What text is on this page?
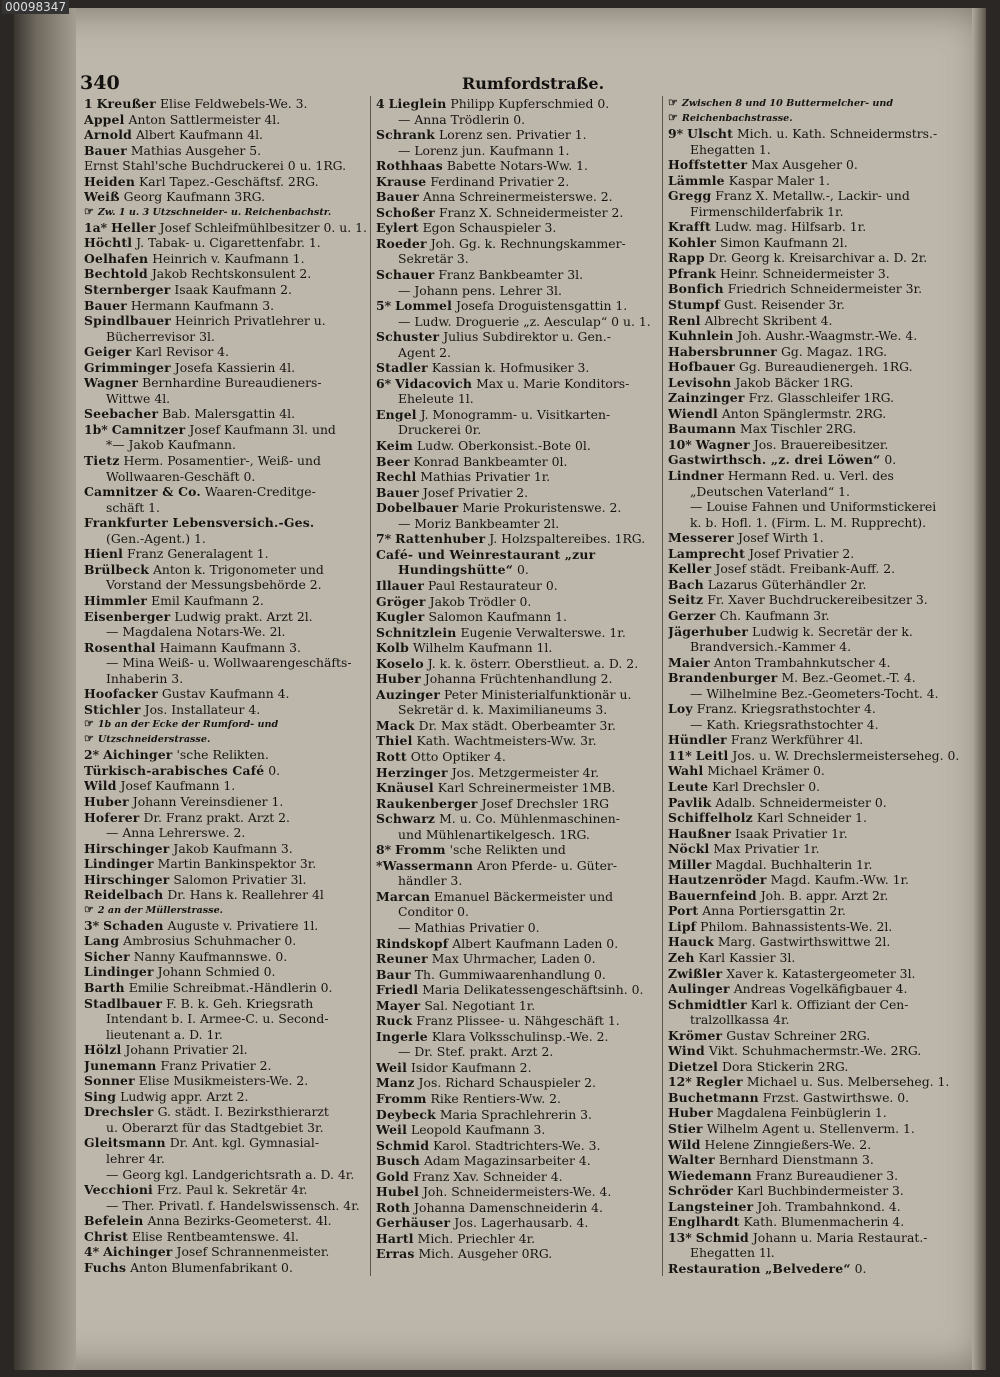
00098347
340	Rumfordstraße.
1 Kreußer Elise Feldwebels-We. 3.
Appel Anton Sattlermeister 4l.
Arnold Albert Kaufmann 4l.
Bauer Mathias Ausgeher 5.
Ernst Stahl'sche Buchdruckerei 0 u. 1RG.
Heiden Karl Tapez.-Geschäftsf. 2RG.
Weiß Georg Kaufmann 3RG.
☞ Zw. 1 u. 3 Utzschneider- u. Reichenbachstr.
1a* Heller Josef Schleifmühlbesitzer 0. u. 1.
Höchtl J. Tabak- u. Cigarettenfabr. 1.
Oelhafen Heinrich v. Kaufmann 1.
Bechtold Jakob Rechtskonsulent 2.
Sternberger Isaak Kaufmann 2.
Bauer Hermann Kaufmann 3.
Spindlbauer Heinrich Privatlehrer u.
Bücherrevisor 3l.
Geiger Karl Revisor 4.
Grimminger Josefa Kassierin 4l.
Wagner Bernhardine Bureaudieners-
Wittwe 4l.
Seebacher Bab. Malersgattin 4l.
1b* Camnitzer Josef Kaufmann 3l. und
*— Jakob Kaufmann.
Tietz Herm. Posamentier-, Weiß- und
Wollwaaren-Geschäft 0.
Camnitzer & Co. Waaren-Creditge-
schäft 1.
Frankfurter Lebensversich.-Ges.
(Gen.-Agent.) 1.
Hienl Franz Generalagent 1.
Brülbeck Anton k. Trigonometer und
Vorstand der Messungsbehörde 2.
Himmler Emil Kaufmann 2.
Eisenberger Ludwig prakt. Arzt 2l.
— Magdalena Notars-We. 2l.
Rosenthal Haimann Kaufmann 3.
— Mina Weiß- u. Wollwaarengeschäfts-
Inhaberin 3.
Hoofacker Gustav Kaufmann 4.
Stichler Jos. Installateur 4.
☞ 1b an der Ecke der Rumford- und
☞ Utzschneiderstrasse.
2* Aichinger 'sche Relikten.
Türkisch-arabisches Café 0.
Wild Josef Kaufmann 1.
Huber Johann Vereinsdiener 1.
Hoferer Dr. Franz prakt. Arzt 2.
— Anna Lehrerswe. 2.
Hirschinger Jakob Kaufmann 3.
Lindinger Martin Bankinspektor 3r.
Hirschinger Salomon Privatier 3l.
Reidelbach Dr. Hans k. Reallehrer 4l
☞ 2 an der Müllerstrasse.
3* Schaden Auguste v. Privatiere 1l.
Lang Ambrosius Schuhmacher 0.
Sicher Nanny Kaufmannswe. 0.
Lindinger Johann Schmied 0.
Barth Emilie Schreibmat.-Händlerin 0.
Stadlbauer F. B. k. Geh. Kriegsrath
Intendant b. I. Armee-C. u. Second-
lieutenant a. D. 1r.
Hölzl Johann Privatier 2l.
Junemann Franz Privatier 2.
Sonner Elise Musikmeisters-We. 2.
Sing Ludwig appr. Arzt 2.
Drechsler G. städt. I. Bezirksthierarzt
u. Oberarzt für das Stadtgebiet 3r.
Gleitsmann Dr. Ant. kgl. Gymnasial-
lehrer 4r.
— Georg kgl. Landgerichtsrath a. D. 4r.
Vecchioni Frz. Paul k. Sekretär 4r.
— Ther. Privatl. f. Handelswissensch. 4r.
Befelein Anna Bezirks-Geometerst. 4l.
Christ Elise Rentbeamtenswe. 4l.
4* Aichinger Josef Schrannenmeister.
Fuchs Anton Blumenfabrikant 0.
4 Lieglein Philipp Kupferschmied 0.
— Anna Trödlerin 0.
Schrank Lorenz sen. Privatier 1.
— Lorenz jun. Kaufmann 1.
Rothhaas Babette Notars-Ww. 1.
Krause Ferdinand Privatier 2.
Bauer Anna Schreinermeisterswe. 2.
Schoßer Franz X. Schneidermeister 2.
Eylert Egon Schauspieler 3.
Roeder Joh. Gg. k. Rechnungskammer-
Sekretär 3.
Schauer Franz Bankbeamter 3l.
— Johann pens. Lehrer 3l.
5* Lommel Josefa Droguistensgattin 1.
— Ludw. Droguerie „z. Aesculap“ 0 u. 1.
Schuster Julius Subdirektor u. Gen.-
Agent 2.
Stadler Kassian k. Hofmusiker 3.
6* Vidacovich Max u. Marie Konditors-
Eheleute 1l.
Engel J. Monogramm- u. Visitkarten-
Druckerei 0r.
Keim Ludw. Oberkonsist.-Bote 0l.
Beer Konrad Bankbeamter 0l.
Rechl Mathias Privatier 1r.
Bauer Josef Privatier 2.
Dobelbauer Marie Prokuristenswe. 2.
— Moriz Bankbeamter 2l.
7* Rattenhuber J. Holzspaltereibes. 1RG.
Café- und Weinrestaurant „zur
Hundingshütte“ 0.
Illauer Paul Restaurateur 0.
Gröger Jakob Trödler 0.
Kugler Salomon Kaufmann 1.
Schnitzlein Eugenie Verwalterswe. 1r.
Kolb Wilhelm Kaufmann 1l.
Koselo J. k. k. österr. Oberstlieut. a. D. 2.
Huber Johanna Früchtenhandlung 2.
Auzinger Peter Ministerialfunktionär u.
Sekretär d. k. Maximilianeums 3.
Mack Dr. Max städt. Oberbeamter 3r.
Thiel Kath. Wachtmeisters-Ww. 3r.
Rott Otto Optiker 4.
Herzinger Jos. Metzgermeister 4r.
Knäusel Karl Schreinermeister 1MB.
Raukenberger Josef Drechsler 1RG
Schwarz M. u. Co. Mühlenmaschinen-
und Mühlenartikelgesch. 1RG.
8* Fromm 'sche Relikten und
*Wassermann Aron Pferde- u. Güter-
händler 3.
Marcan Emanuel Bäckermeister und
Conditor 0.
— Mathias Privatier 0.
Rindskopf Albert Kaufmann Laden 0.
Reuner Max Uhrmacher, Laden 0.
Baur Th. Gummiwaarenhandlung 0.
Friedl Maria Delikatessengeschäftsinh. 0.
Mayer Sal. Negotiant 1r.
Ruck Franz Plissee- u. Nähgeschäft 1.
Ingerle Klara Volksschulinsp.-We. 2.
— Dr. Stef. prakt. Arzt 2.
Weil Isidor Kaufmann 2.
Manz Jos. Richard Schauspieler 2.
Fromm Rike Rentiers-Ww. 2.
Deybeck Maria Sprachlehrerin 3.
Weil Leopold Kaufmann 3.
Schmid Karol. Stadtrichters-We. 3.
Busch Adam Magazinsarbeiter 4.
Gold Franz Xav. Schneider 4.
Hubel Joh. Schneidermeisters-We. 4.
Roth Johanna Damenschneiderin 4.
Gerhäuser Jos. Lagerhausarb. 4.
Hartl Mich. Priechler 4r.
Erras Mich. Ausgeher 0RG.
☞ Zwischen 8 und 10 Buttermelcher- und
☞ Reichenbachstrasse.
9* Ulscht Mich. u. Kath. Schneidermstrs.-
Ehegatten 1.
Hoffstetter Max Ausgeher 0.
Lämmle Kaspar Maler 1.
Gregg Franz X. Metallw.-, Lackir- und
Firmenschilderfabrik 1r.
Krafft Ludw. mag. Hilfsarb. 1r.
Kohler Simon Kaufmann 2l.
Rapp Dr. Georg k. Kreisarchivar a. D. 2r.
Pfrank Heinr. Schneidermeister 3.
Bonfich Friedrich Schneidermeister 3r.
Stumpf Gust. Reisender 3r.
Renl Albrecht Skribent 4.
Kuhnlein Joh. Aushr.-Waagmstr.-We. 4.
Habersbrunner Gg. Magaz. 1RG.
Hofbauer Gg. Bureaudienergeh. 1RG.
Levisohn Jakob Bäcker 1RG.
Zainzinger Frz. Glasschleifer 1RG.
Wiendl Anton Spänglermstr. 2RG.
Baumann Max Tischler 2RG.
10* Wagner Jos. Brauereibesitzer.
Gastwirthsch. „z. drei Löwen“ 0.
Lindner Hermann Red. u. Verl. des
„Deutschen Vaterland“ 1.
— Louise Fahnen und Uniformstickerei
k. b. Hofl. 1. (Firm. L. M. Rupprecht).
Messerer Josef Wirth 1.
Lamprecht Josef Privatier 2.
Keller Josef städt. Freibank-Auff. 2.
Bach Lazarus Güterhändler 2r.
Seitz Fr. Xaver Buchdruckereibesitzer 3.
Gerzer Ch. Kaufmann 3r.
Jägerhuber Ludwig k. Secretär der k.
Brandversich.-Kammer 4.
Maier Anton Trambahnkutscher 4.
Brandenburger M. Bez.-Geomet.-T. 4.
— Wilhelmine Bez.-Geometers-Tocht. 4.
Loy Franz. Kriegsrathstochter 4.
— Kath. Kriegsrathstochter 4.
Hündler Franz Werkführer 4l.
11* Leitl Jos. u. W. Drechslermeisterseheg. 0.
Wahl Michael Krämer 0.
Leute Karl Drechsler 0.
Pavlik Adalb. Schneidermeister 0.
Schiffelholz Karl Schneider 1.
Haußner Isaak Privatier 1r.
Nöckl Max Privatier 1r.
Miller Magdal. Buchhalterin 1r.
Hautzenröder Magd. Kaufm.-Ww. 1r.
Bauernfeind Joh. B. appr. Arzt 2r.
Port Anna Portiersgattin 2r.
Lipf Philom. Bahnassistents-We. 2l.
Hauck Marg. Gastwirthswittwe 2l.
Zeh Karl Kassier 3l.
Zwißler Xaver k. Katastergeometer 3l.
Aulinger Andreas Vogelkäfigbauer 4.
Schmidtler Karl k. Offiziant der Cen-
tralzollkassa 4r.
Krömer Gustav Schreiner 2RG.
Wind Vikt. Schuhmachermstr.-We. 2RG.
Dietzel Dora Stickerin 2RG.
12* Regler Michael u. Sus. Melberseheg. 1.
Buchetmann Frzst. Gastwirthswe. 0.
Huber Magdalena Feinbüglerin 1.
Stier Wilhelm Agent u. Stellenverm. 1.
Wild Helene Zinngießers-We. 2.
Walter Bernhard Dienstmann 3.
Wiedemann Franz Bureaudiener 3.
Schröder Karl Buchbindermeister 3.
Langsteiner Joh. Trambahnkond. 4.
Englhardt Kath. Blumenmacherin 4.
13* Schmid Johann u. Maria Restaurat.-
Ehegatten 1l.
Restauration „Belvedere“ 0.
